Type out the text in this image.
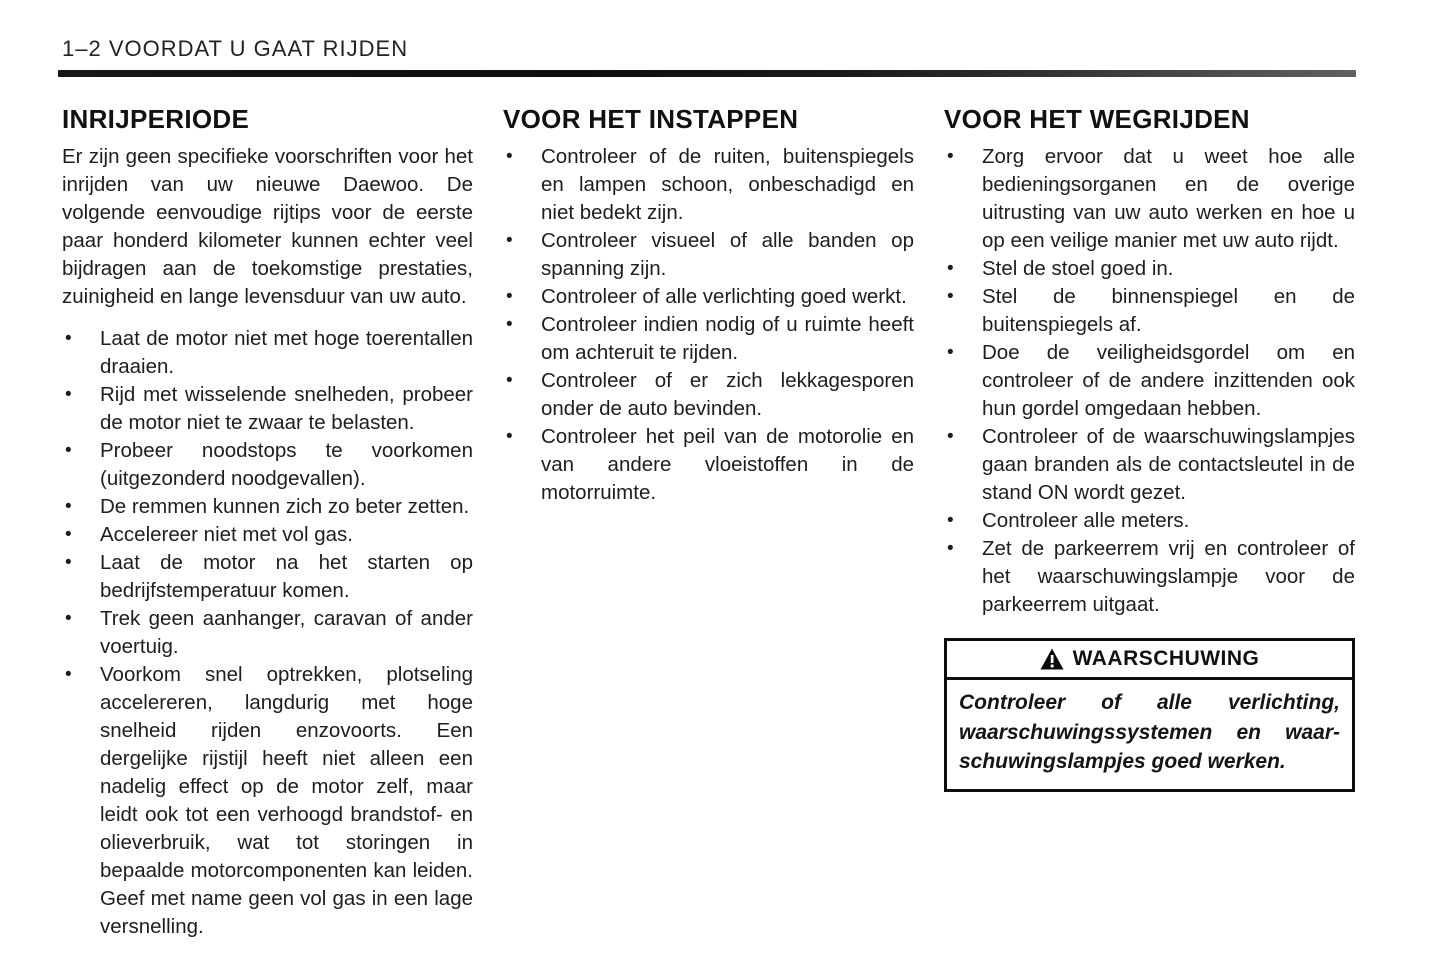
1–2 VOORDAT U GAAT RIJDEN
INRIJPERIODE

Er zijn geen specifieke voorschriften voor het inrijden van uw nieuwe Daewoo. De volgende eenvoudige rijtips voor de eerste paar honderd kilometer kunnen echter veel bijdragen aan de toekomstige prestaties, zuinigheid en lange levensduur van uw auto.

• Laat de motor niet met hoge toerentallen draaien.
• Rijd met wisselende snelheden, probeer de motor niet te zwaar te belasten.
• Probeer noodstops te voorkomen (uitgezonderd noodgevallen).
• De remmen kunnen zich zo beter zetten.
• Accelereer niet met vol gas.
• Laat de motor na het starten op bedrijfstemperatuur komen.
• Trek geen aanhanger, caravan of ander voertuig.
• Voorkom snel optrekken, plotseling accelereren, langdurig met hoge snelheid rijden enzovoorts. Een dergelijke rijstijl heeft niet alleen een nadelig effect op de motor zelf, maar leidt ook tot een verhoogd brandstof- en olieverbruik, wat tot storingen in bepaalde motorcomponenten kan leiden. Geef met name geen vol gas in een lage versnelling.
VOOR HET INSTAPPEN
• Controleer of de ruiten, buitenspiegels en lampen schoon, onbeschadigd en niet bedekt zijn.
• Controleer visueel of alle banden op spanning zijn.
• Controleer of alle verlichting goed werkt.
• Controleer indien nodig of u ruimte heeft om achteruit te rijden.
• Controleer of er zich lekkagesporen onder de auto bevinden.
• Controleer het peil van de motorolie en van andere vloeistoffen in de motorruimte.
VOOR HET WEGRIJDEN
• Zorg ervoor dat u weet hoe alle bedieningsorganen en de overige uitrusting van uw auto werken en hoe u op een veilige manier met uw auto rijdt.
• Stel de stoel goed in.
• Stel de binnenspiegel en de buitenspiegels af.
• Doe de veiligheidsgordel om en controleer of de andere inzittenden ook hun gordel omgedaan hebben.
• Controleer of de waarschuwingslampjes gaan branden als de contactsleutel in de stand ON wordt gezet.
• Controleer alle meters.
• Zet de parkeerrem vrij en controleer of het waarschuwingslampje voor de parkeerrem uitgaat.
WAARSCHUWING
Controleer of alle verlichting,
waarschuwingssystemen en waar-
schuwingslampjes goed werken.
